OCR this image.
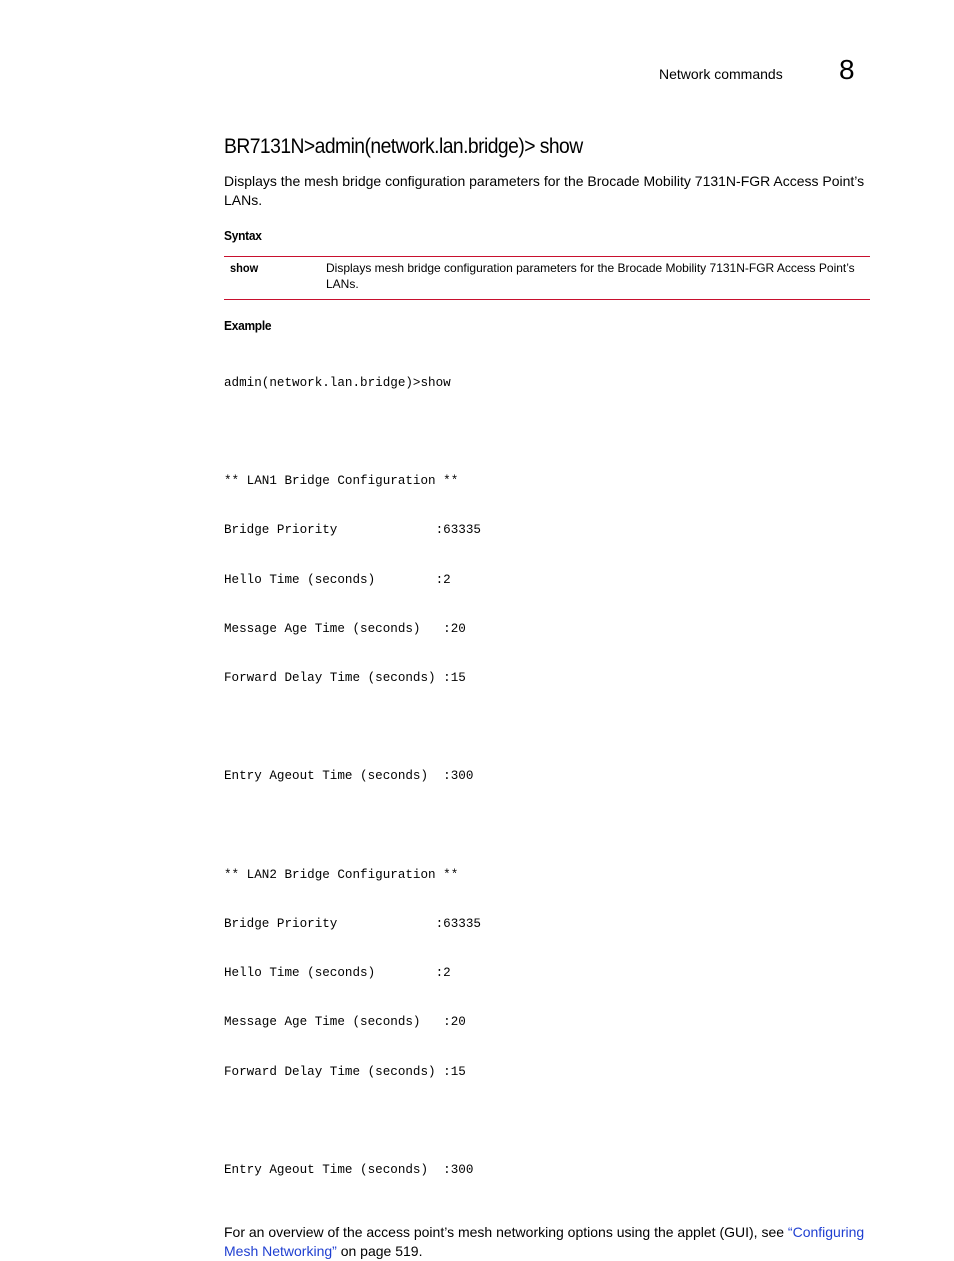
Network commands 8
BR7131N>admin(network.lan.bridge)> show

Displays the mesh bridge configuration parameters for the Brocade Mobility 7131N-FGR Access Point’s LANs.

Syntax
show	Displays mesh bridge configuration parameters for the Brocade Mobility 7131N-FGR Access Point’s LANs.
Example

admin(network.lan.bridge)>show

** LAN1 Bridge Configuration **

Bridge Priority             :63335

Hello Time (seconds)        :2

Message Age Time (seconds)   :20

Forward Delay Time (seconds) :15

Entry Ageout Time (seconds)  :300

** LAN2 Bridge Configuration **

Bridge Priority             :63335

Hello Time (seconds)        :2

Message Age Time (seconds)   :20

Forward Delay Time (seconds) :15

Entry Ageout Time (seconds)  :300

For an overview of the access point’s mesh networking options using the applet (GUI), see “Configuring Mesh Networking” on page 519.
